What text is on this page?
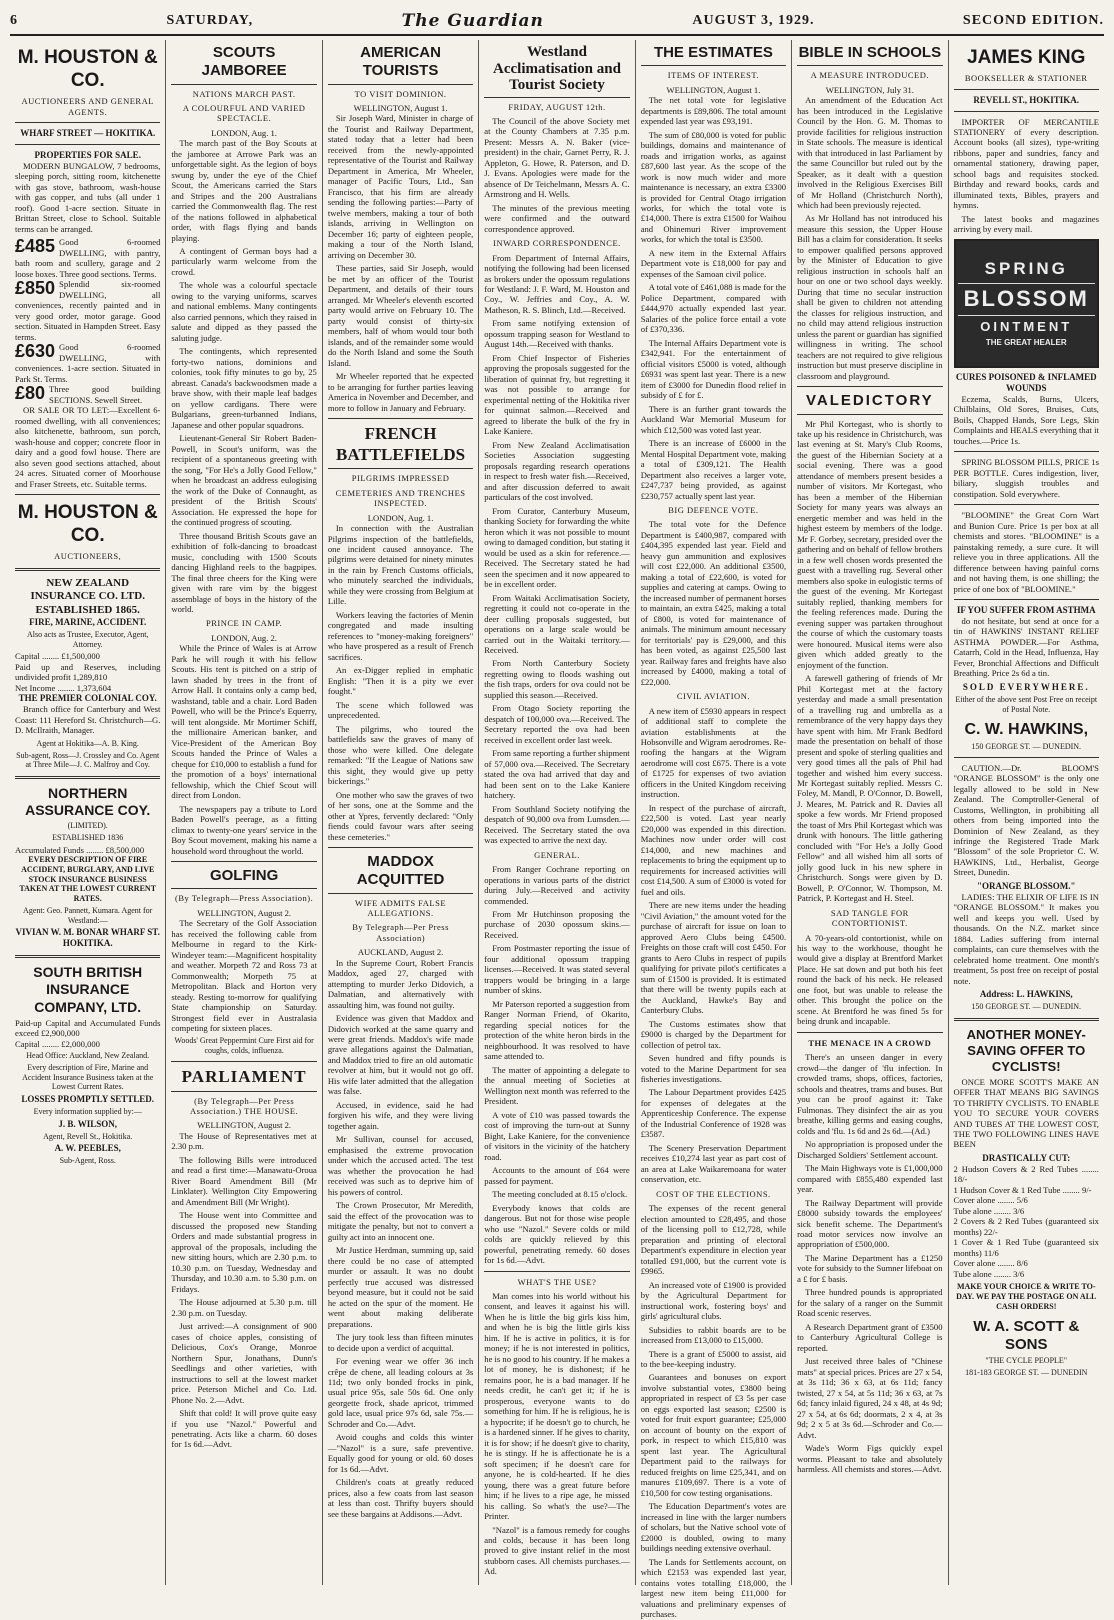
6	SATURDAY,	The Guardian	AUGUST 3, 1929.	SECOND EDITION.
M. HOUSTON & CO.
AUCTIONEERS AND GENERAL AGENTS.
WHARF STREET — HOKITIKA.
PROPERTIES FOR SALE.

MODERN BUNGALOW, 7 bedrooms, sleeping porch, sitting room, kitchenette with gas stove, bathroom, wash-house with gas copper, and tubs (all under 1 roof). Good 1-acre section. Situate in Brittan Street, close to School. Suitable terms can be arranged.

£485 Good 6-roomed DWELLING, with pantry, bath room and scullery, garage and 2 loose boxes. Three good sections. Terms.
£850 Splendid six-roomed DWELLING, all conveniences, recently painted and in very good order, motor garage. Good section. Situated in Hampden Street. Easy terms.
£630 Good 6-roomed DWELLING, with conveniences. 1-acre section. Situated in Park St. Terms.
£80 Three good building SECTIONS. Sewell Street.

OR SALE OR TO LET:—Excellent 6-roomed dwelling, with all conveniences; also kitchenette, bathroom, sun porch, wash-house and copper; concrete floor in dairy and a good fowl house. There are also seven good sections attached, about 24 acres. Situated corner of Moorhouse and Fraser Streets, etc. Suitable terms.

M. HOUSTON & CO.
AUCTIONEERS,
NEW ZEALAND INSURANCE CO. LTD. ESTABLISHED 1865.
FIRE, MARINE, ACCIDENT.
Also acts as Trustee, Executor, Agent, Attorney.
Capital ........ £1,500,000
Paid up and Reserves, including undivided profit 1,289,810
Net Income ........ 1,373,604
THE PREMIER COLONIAL COY.

Branch office for Canterbury and West Coast: 111 Hereford St. Christchurch—G. D. McIlraith, Manager.

Agent at Hokitika—A. B. King.
Sub-agent, Ross—J. Crossley and Co. Agent at Three Mile—J. C. Malfroy and Coy.
NORTHERN ASSURANCE COY.
(LIMITED).
ESTABLISHED 1836
Accumulated Funds ........ £8,500,000
EVERY DESCRIPTION OF FIRE ACCIDENT, BURGLARY, AND LIVE STOCK INSURANCE BUSINESS TAKEN AT THE LOWEST CURRENT RATES.
Agent: Geo. Pannett, Kumara. Agent for Westland:—
VIVIAN W. M. BONAR WHARF ST. HOKITIKA.
SOUTH BRITISH INSURANCE COMPANY, LTD.
Paid-up Capital and Accumulated Funds exceed £2,900,000
Capital ........ £2,000,000
Head Office: Auckland, New Zealand.
Every description of Fire, Marine and Accident Insurance Business taken at the Lowest Current Rates.
LOSSES PROMPTLY SETTLED.
Every information supplied by:—
J. B. WILSON,
Agent, Revell St., Hokitika.
A. W. PEEBLES,
Sub-Agent, Ross.
SCOUTS JAMBOREE
NATIONS MARCH PAST.
A COLOURFUL AND VARIED SPECTACLE.
LONDON, Aug. 1.

The march past of the Boy Scouts at the jamboree at Arrowe Park was an unforgettable sight. As the legion of boys swung by, under the eye of the Chief Scout, the Americans carried the Stars and Stripes and the 200 Australians carried the Commonwealth flag. The rest of the nations followed in alphabetical order, with flags flying and bands playing.

A contingent of German boys had a particularly warm welcome from the crowd.

The whole was a colourful spectacle owing to the varying uniforms, scarves and national emblems. Many contingents also carried pennons, which they raised in salute and dipped as they passed the saluting judge.

The contingents, which represented forty-two nations, dominions and colonies, took fifty minutes to go by, 25 abreast. Canada's backwoodsmen made a brave show, with their maple leaf badges on yellow cardigans. There were Bulgarians, green-turbanned Indians, Japanese and other popular squadrons.

Lieutenant-General Sir Robert Baden-Powell, in Scout's uniform, was the recipient of a spontaneous greeting with the song, "For He's a Jolly Good Fellow," when he broadcast an address eulogising the work of the Duke of Connaught, as president of the British Scouts' Association. He expressed the hope for the continued progress of scouting.

Three thousand British Scouts gave an exhibition of folk-dancing to broadcast music, concluding with 1500 Scouts dancing Highland reels to the bagpipes. The final three cheers for the King were given with rare vim by the biggest assemblage of boys in the history of the world.

PRINCE IN CAMP.
LONDON, Aug. 2.

While the Prince of Wales is at Arrow Park he will rough it with his fellow Scouts. His tent is pitched on a strip of lawn shaded by trees in the front of Arrow Hall. It contains only a camp bed, washstand, table and a chair. Lord Baden Powell, who will be the Prince's Equerry, will tent alongside. Mr Mortimer Schiff, the millionaire American banker, and Vice-President of the American Boy Scouts handed the Prince of Wales a cheque for £10,000 to establish a fund for the promotion of a boys' international fellowship, which the Chief Scout will direct from London.

The newspapers pay a tribute to Lord Baden Powell's peerage, as a fitting climax to twenty-one years' service in the Boy Scout movement, making his name a household word throughout the world.

GOLFING
(By Telegraph—Press Association).
WELLINGTON, August 2.

The Secretary of the Golf Association has received the following cable from Melbourne in regard to the Kirk-Windeyer team:—Magnificent hospitality and weather. Morpeth 72 and Ross 73 at Commonwealth; Morpeth 75 at Metropolitan. Black and Horton very steady. Resting to-morrow for qualifying State championship on Saturday. Strongest field ever in Australasia competing for sixteen places.

Woods' Great Peppermint Cure First aid for coughs, colds, influenza.
PARLIAMENT
(By Telegraph—Per Press Association.) THE HOUSE.
WELLINGTON, August 2.

The House of Representatives met at 2.30 p.m.

The following Bills were introduced and read a first time:—Manawatu-Oroua River Board Amendment Bill (Mr Linklater). Wellington City Empowering and Amendment Bill (Mr Wright).

The House went into Committee and discussed the proposed new Standing Orders and made substantial progress in approval of the proposals, including the new sitting hours, which are 2.30 p.m. to 10.30 p.m. on Tuesday, Wednesday and Thursday, and 10.30 a.m. to 5.30 p.m. on Fridays.

The House adjourned at 5.30 p.m. till 2.30 p.m. on Tuesday.

Just arrived:—A consignment of 900 cases of choice apples, consisting of Delicious, Cox's Orange, Monroe Northern Spur, Jonathans, Dunn's Seedlings and other varieties, with instructions to sell at the lowest market price. Peterson Michel and Co. Ltd. Phone No. 2.—Advt.

Shift that cold! It will prove quite easy if you use "Nazol." Powerful and penetrating. Acts like a charm. 60 doses for 1s 6d.—Advt.

AMERICAN TOURISTS
TO VISIT DOMINION.
WELLINGTON, August 1.

Sir Joseph Ward, Minister in charge of the Tourist and Railway Department, stated today that a letter had been received from the newly-appointed representative of the Tourist and Railway Department in America, Mr Wheeler, manager of Pacific Tours, Ltd., San Francisco, that his firm are already sending the following parties:—Party of twelve members, making a tour of both islands, arriving in Wellington on December 16; party of eighteen people, making a tour of the North Island, arriving on December 30.

These parties, said Sir Joseph, would be met by an officer of the Tourist Department, and details of their tours arranged. Mr Wheeler's eleventh escorted party would arrive on February 10. The party would consist of thirty-six members, half of whom would tour both islands, and of the remainder some would do the North Island and some the South Island.

Mr Wheeler reported that he expected to be arranging for further parties leaving America in November and December, and more to follow in January and February.

FRENCH BATTLEFIELDS
PILGRIMS IMPRESSED
CEMETERIES AND TRENCHES INSPECTED.
LONDON, Aug. 1.

In connection with the Australian Pilgrims inspection of the battlefields, one incident caused annoyance. The pilgrims were detained for ninety minutes in the rain by French Customs officials, who minutely searched the individuals, while they were crossing from Belgium at Lille.

Workers leaving the factories of Menin congregated and made insulting references to "money-making foreigners" who have prospered as a result of French sacrifices.

An ex-Digger replied in emphatic English: "Then it is a pity we ever fought."

The scene which followed was unprecedented.

The pilgrims, who toured the battlefields saw the graves of many of those who were killed. One delegate remarked: "If the League of Nations saw this sight, they would give up petty bickerings."

One mother who saw the graves of two of her sons, one at the Somme and the other at Ypres, fervently declared: "Only fiends could favour wars after seeing these cemeteries."

MADDOX ACQUITTED
WIFE ADMITS FALSE ALLEGATIONS.
By Telegraph—Per Press Association)
AUCKLAND, August 2.

In the Supreme Court, Robert Francis Maddox, aged 27, charged with attempting to murder Jerko Didovich, a Dalmatian, and alternatively with assaulting him, was found not guilty.

Evidence was given that Maddox and Didovich worked at the same quarry and were great friends. Maddox's wife made grave allegations against the Dalmatian, and Maddox tried to fire an old automatic revolver at him, but it would not go off. His wife later admitted that the allegation was false.

Accused, in evidence, said he had forgiven his wife, and they were living together again.

Mr Sullivan, counsel for accused, emphasised the extreme provocation under which the accused acted. The test was whether the provocation he had received was such as to deprive him of his powers of control.

The Crown Prosecutor, Mr Meredith, said the effect of the provocation was to mitigate the penalty, but not to convert a guilty act into an innocent one.

Mr Justice Herdman, summing up, said there could be no case of attempted murder or assault. It was no doubt perfectly true accused was distressed beyond measure, but it could not be said he acted on the spur of the moment. He went about making deliberate preparations.

The jury took less than fifteen minutes to decide upon a verdict of acquittal.

For evening wear we offer 36 inch crêpe de chene, all leading colours at 3s 11d; two only bonded frocks in pink, usual price 95s, sale 50s 6d. One only georgette frock, shade apricot, trimmed gold lace, usual price 97s 6d, sale 75s.—Schroder and Co.—Advt.

Avoid coughs and colds this winter—"Nazol" is a sure, safe preventive. Equally good for young or old. 60 doses for 1s 6d.—Advt.

Children's coats at greatly reduced prices, also a few coats from last season at less than cost. Thrifty buyers should see these bargains at Addisons.—Advt.

Westland Acclimatisation and Tourist Society
FRIDAY, AUGUST 12th.

The Council of the above Society met at the County Chambers at 7.35 p.m. Present: Messrs A. N. Baker (vice-president) in the chair, Garnet Perry, R. J. Appleton, G. Howe, R. Paterson, and D. J. Evans. Apologies were made for the absence of Dr Teichelmann, Messrs A. C. Armstrong and H. Wells.

The minutes of the previous meeting were confirmed and the outward correspondence approved.

INWARD CORRESPONDENCE.

From Department of Internal Affairs, notifying the following had been licensed as brokers under the opossum regulations for Westland: J. F. Ward, M. Houston and Coy., W. Jeffries and Coy., A. W. Matheson, R. S. Blinch, Ltd.—Received.

From same notifying extension of opossum trapping season for Westland to August 14th.—Received with thanks.

From Chief Inspector of Fisheries approving the proposals suggested for the liberation of quinnat fry, but regretting it was not possible to arrange for experimental netting of the Hokitika river for quinnat salmon.—Received and agreed to liberate the bulk of the fry in Lake Kaniere.

From New Zealand Acclimatisation Societies Association suggesting proposals regarding research operations in respect to fresh water fish.—Received, and after discussion deferred to await particulars of the cost involved.

From Curator, Canterbury Museum, thanking Society for forwarding the white heron which it was not possible to mount owing to damaged condition, but stating it would be used as a skin for reference.—Received. The Secretary stated he had seen the specimen and it now appeared to be in excellent order.

From Waitaki Acclimatisation Society, regretting it could not co-operate in the deer culling proposals suggested, but operations on a large scale would be carried out in the Waitaki territory.—Received.

From North Canterbury Society regretting owing to floods washing out the fish traps, orders for ova could not be supplied this season.—Received.

From Otago Society reporting the despatch of 100,000 ova.—Received. The Secretary reported the ova had been received in excellent order last week.

From same reporting a further shipment of 57,000 ova.—Received. The Secretary stated the ova had arrived that day and had been sent on to the Lake Kaniere hatchery.

From Southland Society notifying the despatch of 90,000 ova from Lumsden.—Received. The Secretary stated the ova was expected to arrive the next day.

GENERAL.

From Ranger Cochrane reporting on operations in various parts of the district during July.—Received and activity commended.

From Mr Hutchinson proposing the purchase of 2030 opossum skins.—Received.

From Postmaster reporting the issue of four additional opossum trapping licenses.—Received. It was stated several trappers would be bringing in a large number of skins.

Mr Paterson reported a suggestion from Ranger Norman Friend, of Okarito, regarding special notices for the protection of the white heron birds in the neighbourhood. It was resolved to have same attended to.

The matter of appointing a delegate to the annual meeting of Societies at Wellington next month was referred to the President.

A vote of £10 was passed towards the cost of improving the turn-out at Sunny Bight, Lake Kaniere, for the convenience of visitors in the vicinity of the hatchery road.

Accounts to the amount of £64 were passed for payment.

The meeting concluded at 8.15 o'clock.

Everybody knows that colds are dangerous. But not for those wise people who use "Nazol." Severe colds or mild colds are quickly relieved by this powerful, penetrating remedy. 60 doses for 1s 6d.—Advt.

WHAT'S THE USE?

Man comes into his world without his consent, and leaves it against his will. When he is little the big girls kiss him, and when he is big the little girls kiss him. If he is active in politics, it is for money; if he is not interested in politics, he is no good to his country. If he makes a lot of money, he is dishonest; if he remains poor, he is a bad manager. If he needs credit, he can't get it; if he is prosperous, everyone wants to do something for him. If he is religious, he is a hypocrite; if he doesn't go to church, he is a hardened sinner. If he gives to charity, it is for show; if he doesn't give to charity, he is stingy. If he is affectionate he is a soft specimen; if he doesn't care for anyone, he is cold-hearted. If he dies young, there was a great future before him; if he lives to a ripe age, he missed his calling. So what's the use?—The Printer.

"Nazol" is a famous remedy for coughs and colds, because it has been long proved to give instant relief in the most stubborn cases. All chemists purchases.—Ad.

THE ESTIMATES
ITEMS OF INTEREST.
WELLINGTON, August 1.

The net total vote for legislative departments is £89,806. The total amount expended last year was £93,191.

The sum of £80,000 is voted for public buildings, domains and maintenance of roads and irrigation works, as against £87,600 last year. As the scope of the work is now much wider and more maintenance is necessary, an extra £3300 is provided for Central Otago irrigation works, for which the total vote is £14,000. There is extra £1500 for Waihou and Ohinemuri River improvement works, for which the total is £3500.

A new item in the External Affairs Department vote is £18,000 for pay and expenses of the Samoan civil police.

A total vote of £461,088 is made for the Police Department, compared with £444,970 actually expended last year. Salaries of the police force entail a vote of £370,336.

The Internal Affairs Department vote is £342,941. For the entertainment of official visitors £5000 is voted, although £6931 was spent last year. There is a new item of £3000 for Dunedin flood relief in subsidy of £ for £.

There is an further grant towards the Auckland War Memorial Museum for which £12,500 was voted last year.

There is an increase of £6000 in the Mental Hospital Department vote, making a total of £309,121. The Health Department also receives a larger vote, £247,737 being provided, as against £230,757 actually spent last year.

BIG DEFENCE VOTE.

The total vote for the Defence Department is £400,987, compared with £404,395 expended last year. Field and heavy gun ammunition and explosives will cost £22,000. An additional £3500, making a total of £22,600, is voted for supplies and catering at camps. Owing to the increased number of permanent horses to maintain, an extra £425, making a total of £800, is voted for maintenance of animals. The minimum amount necessary for territorials' pay is £29,000, and this has been voted, as against £25,500 last year. Railway fares and freights have also increased by £4000, making a total of £22,000.

CIVIL AVIATION.

A new item of £5930 appears in respect of additional staff to complete the aviation establishments at the Hobsonville and Wigram aerodromes. Re-roofing the hangars at the Wigram aerodrome will cost £675. There is a vote of £1725 for expenses of two aviation officers in the United Kingdom receiving instruction.

In respect of the purchase of aircraft, £22,500 is voted. Last year nearly £20,000 was expended in this direction. Machines now under order will cost £14,000, and new machines and replacements to bring the equipment up to requirements for increased activities will cost £14,500. A sum of £3000 is voted for fuel and oils.

There are new items under the heading "Civil Aviation," the amount voted for the purchase of aircraft for issue on loan to approved Aero Clubs being £4500. Freights on those craft will cost £450. For grants to Aero Clubs in respect of pupils qualifying for private pilot's certificates a sum of £1500 is provided. It is estimated that there will be twenty pupils each at the Auckland, Hawke's Bay and Canterbury Clubs.

The Customs estimates show that £9000 is charged by the Department for collection of petrol tax.

Seven hundred and fifty pounds is voted to the Marine Department for sea fisheries investigations.

The Labour Department provides £425 for expenses of delegates at the Apprenticeship Conference. The expense of the Industrial Conference of 1928 was £3587.

The Scenery Preservation Department receives £10,274 last year as part cost of an area at Lake Waikaremoana for water conservation, etc.

COST OF THE ELECTIONS.

The expenses of the recent general election amounted to £28,495, and those of the licensing poll to £12,728, while preparation and printing of electoral Department's expenditure in election year totalled £91,000, but the current vote is £9965.

An increased vote of £1900 is provided by the Agricultural Department for instructional work, fostering boys' and girls' agricultural clubs.

Subsidies to rabbit boards are to be increased from £13,000 to £15,000.

There is a grant of £5000 to assist, aid to the bee-keeping industry.

Guarantees and bonuses on export involve substantial votes, £3800 being appropriated in respect of £3 5s per case on eggs exported last season; £2500 is voted for fruit export guarantee; £25,000 on account of bounty on the export of pork, in respect to which £15,810 was spent last year. The Agricultural Department paid to the railways for reduced freights on lime £25,341, and on manures £109,697. There is a vote of £10,500 for cow testing organisations.

The Education Department's votes are increased in line with the larger numbers of scholars, but the Native school vote of £2000 is doubled, owing to many buildings needing extensive overhaul.

The Lands for Settlements account, on which £2153 was expended last year, contains votes totalling £18,000, the largest new item being £11,000 for valuations and preliminary expenses of purchases.

BIBLE IN SCHOOLS
A MEASURE INTRODUCED.
WELLINGTON, July 31.

An amendment of the Education Act has been introduced in the Legislative Council by the Hon. G. M. Thomas to provide facilities for religious instruction in State schools. The measure is identical with that introduced in last Parliament by the same Councillor but ruled out by the Speaker, as it dealt with a question involved in the Religious Exercises Bill of Mr Holland (Christchurch North), which had been previously rejected.

As Mr Holland has not introduced his measure this session, the Upper House Bill has a claim for consideration. It seeks to empower qualified persons approved by the Minister of Education to give religious instruction in schools half an hour on one or two school days weekly. During that time no secular instruction shall be given to children not attending the classes for religious instruction, and no child may attend religious instruction unless the parent or guardian has signified willingness in writing. The school teachers are not required to give religious instruction but must preserve discipline in classroom and playground.

VALEDICTORY

Mr Phil Kortegast, who is shortly to take up his residence in Christchurch, was last evening at St. Mary's Club Rooms, the guest of the Hibernian Society at a social evening. There was a good attendance of members present besides a number of visitors. Mr Kortegast, who has been a member of the Hibernian Society for many years was always an energetic member and was held in the highest esteem by members of the lodge. Mr F. Gorbey, secretary, presided over the gathering and on behalf of fellow brothers in a few well chosen words presented the guest with a travelling rug. Several other members also spoke in eulogistic terms of the guest of the evening. Mr Kortegast suitably replied, thanking members for the feeling references made. During the evening supper was partaken throughout the course of which the customary toasts were honoured. Musical items were also given which added greatly to the enjoyment of the function.

A farewell gathering of friends of Mr Phil Kortegast met at the factory yesterday and made a small presentation of a travelling rug and umbrella as a remembrance of the very happy days they have spent with him. Mr Frank Bedford made the presentation on behalf of those present and spoke of sterling qualities and very good times all the pals of Phil had together and wished him every success. Mr Kortegast suitably replied. Messrs C. Foley, M. Mandl, P. O'Connor, D. Bowell, J. Meares, M. Patrick and R. Davies all spoke a few words. Mr Friend proposed the toast of Mrs Phil Kortegast which was drunk with honours. The little gathering concluded with "For He's a Jolly Good Fellow" and all wished him all sorts of jolly good luck in his new sphere in Christchurch. Songs were given by D. Bowell, P. O'Connor, W. Thompson, M. Patrick, P. Kortegast and H. Steel.

SAD TANGLE FOR CONTORTIONIST.

A 70-years-old contortionist, while on his way to the workhouse, thought he would give a display at Brentford Market Place. He sat down and put both his feet round the back of his neck. He released one foot, but was unable to release the other. This brought the police on the scene. At Brentford he was fined 5s for being drunk and incapable.

THE MENACE IN A CROWD

There's an unseen danger in every crowd—the danger of 'flu infection. In crowded trams, shops, offices, factories, schools and theatres, trams and buses. But you can be proof against it: Take Fulmonas. They disinfect the air as you breathe, killing germs and easing coughs, colds and 'flu. 1s 6d and 2s 6d.—(Ad.)

No appropriation is proposed under the Discharged Soldiers' Settlement account.

The Main Highways vote is £1,000,000 compared with £855,480 expended last year.

The Railway Department will provide £8000 subsidy towards the employees' sick benefit scheme. The Department's road motor services now involve an appropriation of £500,000.

The Marine Department has a £1250 vote for subsidy to the Sumner lifeboat on a £ for £ basis.

Three hundred pounds is appropriated for the salary of a ranger on the Summit Road scenic reserves.

A Research Department grant of £3500 to Canterbury Agricultural College is reported.

Just received three bales of "Chinese mats" at special prices. Prices are 27 x 54, at 3s 11d; 36 x 63, at 6s 11d; fancy twisted, 27 x 54, at 5s 11d; 36 x 63, at 7s 6d; fancy inlaid figured, 24 x 48, at 4s 9d; 27 x 54, at 6s 6d; doormats, 2 x 4, at 3s 9d; 2 x 5 at 3s 6d.—Schroder and Co.—Advt.

Wade's Worm Figs quickly expel worms. Pleasant to take and absolutely harmless. All chemists and stores.—Advt.

JAMES KING
BOOKSELLER & STATIONER
REVELL ST., HOKITIKA.

IMPORTER OF MERCANTILE STATIONERY of every description. Account books (all sizes), type-writing ribbons, paper and sundries, fancy and ornamental stationery, drawing paper, school bags and requisites stocked. Birthday and reward books, cards and illuminated texts, Bibles, prayers and hymns.

The latest books and magazines arriving by every mail.

SPRING
BLOSSOM
OINTMENT
THE GREAT HEALER
CURES POISONED & INFLAMED WOUNDS

Eczema, Scalds, Burns, Ulcers, Chilblains, Old Sores, Bruises, Cuts, Boils, Chapped Hands, Sore Legs, Skin Complaints and HEALS everything that it touches.—Price 1s.

SPRING BLOSSOM PILLS, PRICE 1s PER BOTTLE. Cures indigestion, liver, biliary, sluggish troubles and constipation. Sold everywhere.

"BLOOMINE" the Great Corn Wart and Bunion Cure. Price 1s per box at all chemists and stores. "BLOOMINE" is a painstaking remedy, a sure cure. It will relieve you in three applications. All the difference between having painful corns and not having them, is one shilling; the price of one box of "BLOOMINE."

IF YOU SUFFER FROM ASTHMA

do not hesitate, but send at once for a tin of HAWKINS' INSTANT RELIEF ASTHMA POWDER.—For Asthma, Catarrh, Cold in the Head, Influenza, Hay Fever, Bronchial Affections and Difficult Breathing. Price 2s 6d a tin.

SOLD EVERYWHERE.
Either of the above sent Post Free on receipt of Postal Note.
C. W. HAWKINS,
150 GEORGE ST. — DUNEDIN.

CAUTION.—Dr. BLOOM'S "ORANGE BLOSSOM" is the only one legally allowed to be sold in New Zealand. The Comptroller-General of Customs, Wellington, in prohibiting all others from being imported into the Dominion of New Zealand, as they infringe the Registered Trade Mark "Blossom" of the sole Proprietor C. W. HAWKINS, Ltd., Herbalist, George Street, Dunedin.

"ORANGE BLOSSOM."

LADIES: THE ELIXIR OF LIFE IS IN "ORANGE BLOSSOM." It makes you well and keeps you well. Used by thousands. On the N.Z. market since 1884. Ladies suffering from internal complaints, can cure themselves with the celebrated home treatment. One month's treatment, 5s post free on receipt of postal note.

Address: L. HAWKINS,
150 GEORGE ST. — DUNEDIN.
ANOTHER MONEY-SAVING OFFER TO CYCLISTS!

ONCE MORE SCOTT'S MAKE AN OFFER THAT MEANS BIG SAVINGS TO THRIFTY CYCLISTS. TO ENABLE YOU TO SECURE YOUR COVERS AND TUBES AT THE LOWEST COST, THE TWO FOLLOWING LINES HAVE BEEN

DRASTICALLY CUT:
2 Hudson Covers & 2 Red Tubes ........ 18/-
1 Hudson Cover & 1 Red Tube ........ 9/-
Cover alone ........ 5/6
Tube alone ........ 3/6
2 Covers & 2 Red Tubes (guaranteed six months) 22/-
1 Cover & 1 Red Tube (guaranteed six months) 11/6
Cover alone ........ 8/6
Tube alone ........ 3/6
MAKE YOUR CHOICE & WRITE TO-DAY. WE PAY THE POSTAGE ON ALL CASH ORDERS!
W. A. SCOTT & SONS
"THE CYCLE PEOPLE"
181-183 GEORGE ST. — DUNEDIN
